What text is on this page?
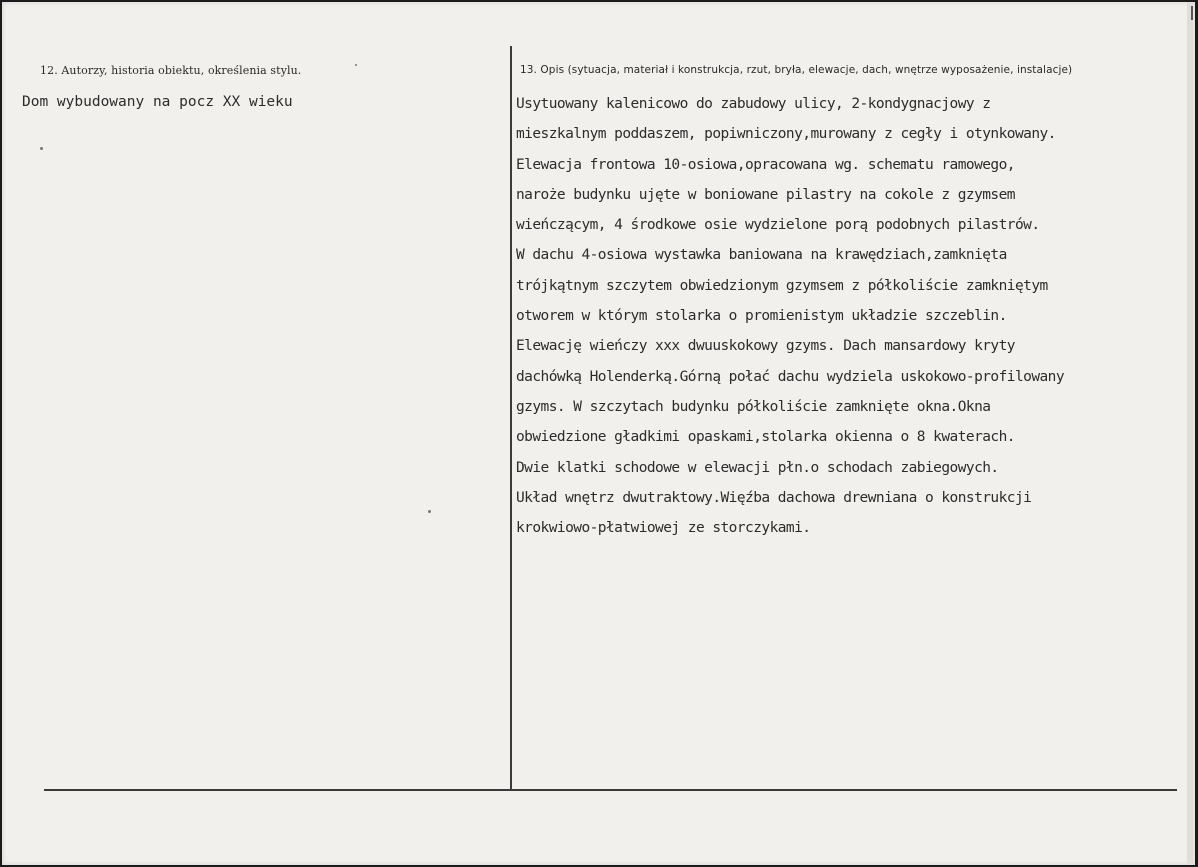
12. Autorzy, historia obiektu, określenia stylu.	13. Opis (sytuacja, materiał i konstrukcja, rzut, bryła, elewacje, dach, wnętrze wyposażenie, instalacje)
Dom wybudowany na pocz XX wieku	Usytuowany kalenicowo do zabudowy ulicy, 2-kondygnacjowy z
mieszkalnym poddaszem, popiwniczony,murowany z cegły i otynkowany.
Elewacja frontowa 10-osiowa,opracowana wg. schematu ramowego,
naroże budynku ujęte w boniowane pilastry na cokole z gzymsem
wieńczącym, 4 środkowe osie wydzielone porą podobnych pilastrów.
W dachu 4-osiowa wystawka baniowana na krawędziach,zamknięta
trójkątnym szczytem obwiedzionym gzymsem z półkoliście zamkniętym
otworem w którym stolarka o promienistym układzie szczeblin.
Elewację wieńczy xxx dwuuskokowy gzyms. Dach mansardowy kryty
dachówką Holenderką.Górną połać dachu wydziela uskokowo-profilowany
gzyms. W szczytach budynku półkoliście zamknięte okna.Okna
obwiedzione gładkimi opaskami,stolarka okienna o 8 kwaterach.
Dwie klatki schodowe w elewacji płn.o schodach zabiegowych.
Układ wnętrz dwutraktowy.Więźba dachowa drewniana o konstrukcji
krokwiowo-płatwiowej ze storczykami.
